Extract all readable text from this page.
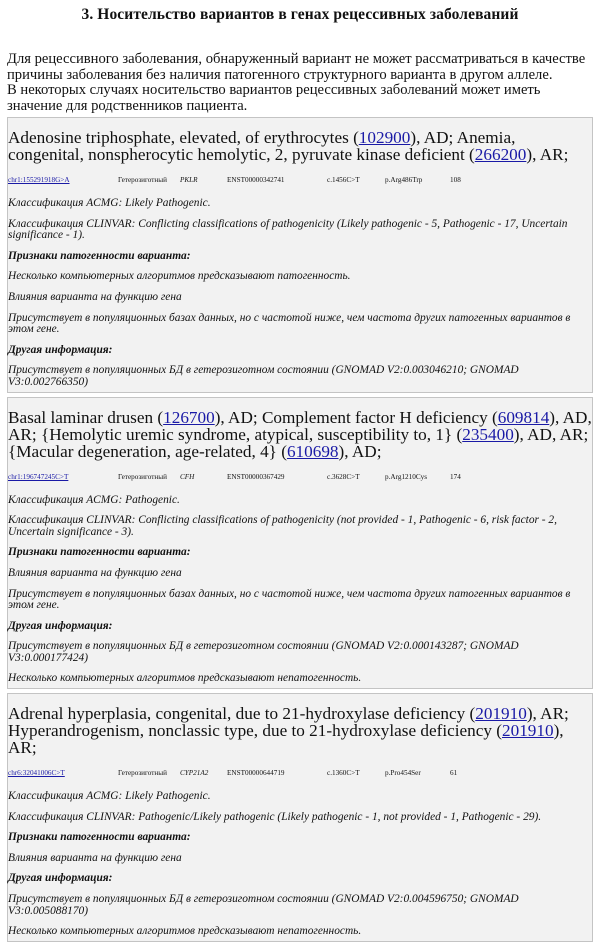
3. Носительство вариантов в генах рецессивных заболеваний

Для рецессивного заболевания, обнаруженный вариант не может рассматриваться в качестве причины заболевания без наличия патогенного структурного варианта в другом аллеле.

В некоторых случаях носительство вариантов рецессивных заболеваний может иметь значение для родственников пациента.

Adenosine triphosphate, elevated, of erythrocytes (102900), AD; Anemia, congenital, nonspherocytic hemolytic, 2, pyruvate kinase deficient (266200), AR;

chr1:155291918G>A	Гетерозиготный	PKLR	ENST00000342741	c.1456C>T	p.Arg486Trp	108

Классификация ACMG: Likely Pathogenic.

Классификация CLINVAR: Conflicting classifications of pathogenicity (Likely pathogenic - 5, Pathogenic - 17, Uncertain significance - 1).

Признаки патогенности варианта:

Несколько компьютерных алгоритмов предсказывают патогенность.

Влияния варианта на функцию гена

Присутствует в популяционных базах данных, но с частотой ниже, чем частота других патогенных вариантов в этом гене.

Другая информация:

Присутствует в популяционных БД в гетерозиготном состоянии (GNOMAD V2:0.003046210; GNOMAD V3:0.002766350)

Basal laminar drusen (126700), AD; Complement factor H deficiency (609814), AD, AR; {Hemolytic uremic syndrome, atypical, susceptibility to, 1} (235400), AD, AR; {Macular degeneration, age-related, 4} (610698), AD;

chr1:196747245C>T	Гетерозиготный	CFH	ENST00000367429	c.3628C>T	p.Arg1210Cys	174

Классификация ACMG: Pathogenic.

Классификация CLINVAR: Conflicting classifications of pathogenicity (not provided - 1, Pathogenic - 6, risk factor - 2, Uncertain significance - 3).

Признаки патогенности варианта:

Влияния варианта на функцию гена

Присутствует в популяционных базах данных, но с частотой ниже, чем частота других патогенных вариантов в этом гене.

Другая информация:

Присутствует в популяционных БД в гетерозиготном состоянии (GNOMAD V2:0.000143287; GNOMAD V3:0.000177424)

Несколько компьютерных алгоритмов предсказывают непатогенность.

Adrenal hyperplasia, congenital, due to 21-hydroxylase deficiency (201910), AR; Hyperandrogenism, nonclassic type, due to 21-hydroxylase deficiency (201910), AR;

chr6:32041006C>T	Гетерозиготный	CYP21A2	ENST00000644719	c.1360C>T	p.Pro454Ser	61

Классификация ACMG: Likely Pathogenic.

Классификация CLINVAR: Pathogenic/Likely pathogenic (Likely pathogenic - 1, not provided - 1, Pathogenic - 29).

Признаки патогенности варианта:

Влияния варианта на функцию гена

Другая информация:

Присутствует в популяционных БД в гетерозиготном состоянии (GNOMAD V2:0.004596750; GNOMAD V3:0.005088170)

Несколько компьютерных алгоритмов предсказывают непатогенность.
